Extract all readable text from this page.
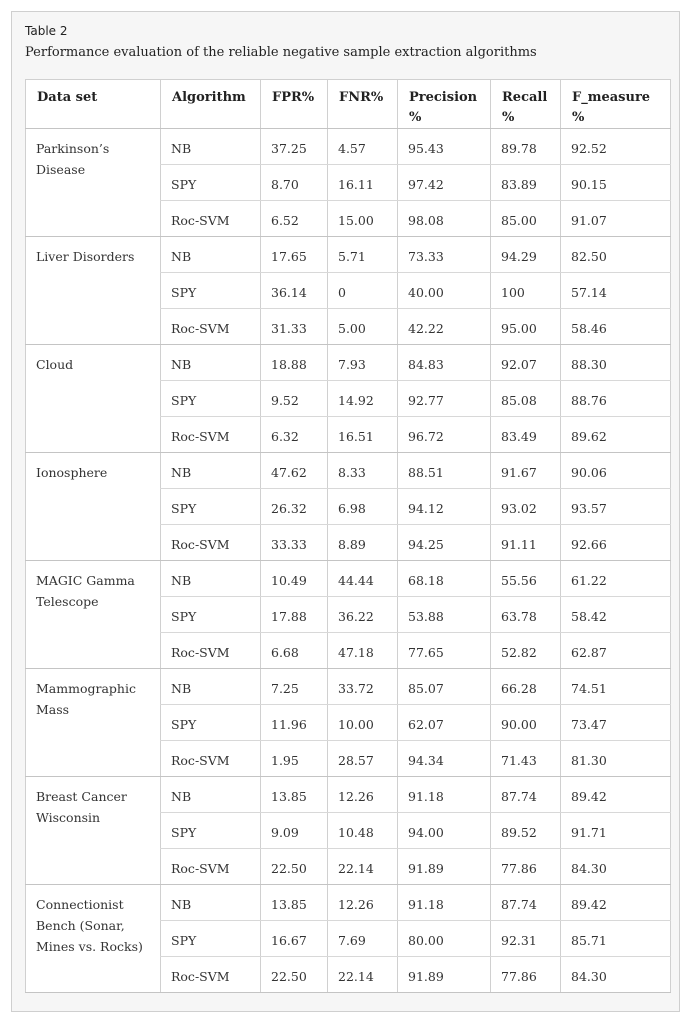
Table 2
Performance evaluation of the reliable negative sample extraction algorithms
Data set	Algorithm	FPR%	FNR%	Precision %	Recall %	F_measure %
Parkinson’s Disease	NB	37.25	4.57	95.43	89.78	92.52
	SPY	8.70	16.11	97.42	83.89	90.15
	Roc-SVM	6.52	15.00	98.08	85.00	91.07
Liver Disorders	NB	17.65	5.71	73.33	94.29	82.50
	SPY	36.14	0	40.00	100	57.14
	Roc-SVM	31.33	5.00	42.22	95.00	58.46
Cloud	NB	18.88	7.93	84.83	92.07	88.30
	SPY	9.52	14.92	92.77	85.08	88.76
	Roc-SVM	6.32	16.51	96.72	83.49	89.62
Ionosphere	NB	47.62	8.33	88.51	91.67	90.06
	SPY	26.32	6.98	94.12	93.02	93.57
	Roc-SVM	33.33	8.89	94.25	91.11	92.66
MAGIC Gamma Telescope	NB	10.49	44.44	68.18	55.56	61.22
	SPY	17.88	36.22	53.88	63.78	58.42
	Roc-SVM	6.68	47.18	77.65	52.82	62.87
Mammographic Mass	NB	7.25	33.72	85.07	66.28	74.51
	SPY	11.96	10.00	62.07	90.00	73.47
	Roc-SVM	1.95	28.57	94.34	71.43	81.30
Breast Cancer Wisconsin	NB	13.85	12.26	91.18	87.74	89.42
	SPY	9.09	10.48	94.00	89.52	91.71
	Roc-SVM	22.50	22.14	91.89	77.86	84.30
Connectionist Bench (Sonar, Mines vs. Rocks)	NB	13.85	12.26	91.18	87.74	89.42
	SPY	16.67	7.69	80.00	92.31	85.71
	Roc-SVM	22.50	22.14	91.89	77.86	84.30
